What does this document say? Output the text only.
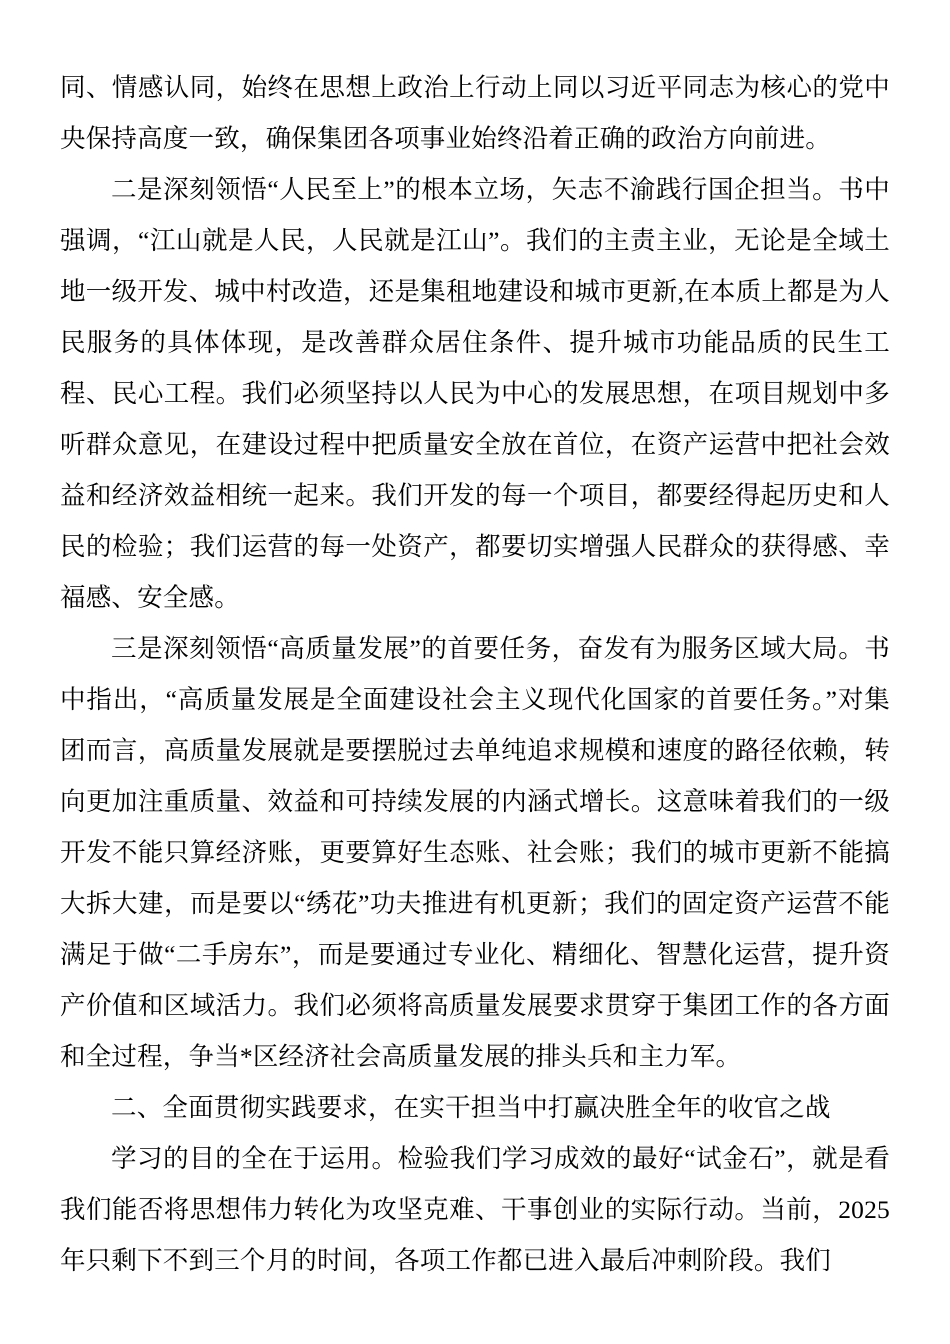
同、情感认同，始终在思想上政治上行动上同以习近平同志为核心的党中央保持高度一致，确保集团各项事业始终沿着正确的政治方向前进。

二是深刻领悟“人民至上”的根本立场，矢志不渝践行国企担当。书中强调，“江山就是人民，人民就是江山”。我们的主责主业，无论是全域土地一级开发、城中村改造，还是集租地建设和城市更新,在本质上都是为人民服务的具体体现，是改善群众居住条件、提升城市功能品质的民生工程、民心工程。我们必须坚持以人民为中心的发展思想，在项目规划中多听群众意见，在建设过程中把质量安全放在首位，在资产运营中把社会效益和经济效益相统一起来。我们开发的每一个项目，都要经得起历史和人民的检验；我们运营的每一处资产，都要切实增强人民群众的获得感、幸福感、安全感。

三是深刻领悟“高质量发展”的首要任务，奋发有为服务区域大局。书中指出，“高质量发展是全面建设社会主义现代化国家的首要任务。”对集团而言，高质量发展就是要摆脱过去单纯追求规模和速度的路径依赖，转向更加注重质量、效益和可持续发展的内涵式增长。这意味着我们的一级开发不能只算经济账，更要算好生态账、社会账；我们的城市更新不能搞大拆大建，而是要以“绣花”功夫推进有机更新；我们的固定资产运营不能满足于做“二手房东”，而是要通过专业化、精细化、智慧化运营，提升资产价值和区域活力。我们必须将高质量发展要求贯穿于集团工作的各方面和全过程，争当*区经济社会高质量发展的排头兵和主力军。

二、全面贯彻实践要求，在实干担当中打赢决胜全年的收官之战

学习的目的全在于运用。检验我们学习成效的最好“试金石”，就是看我们能否将思想伟力转化为攻坚克难、干事创业的实际行动。当前，2025 年只剩下不到三个月的时间，各项工作都已进入最后冲刺阶段。我们
